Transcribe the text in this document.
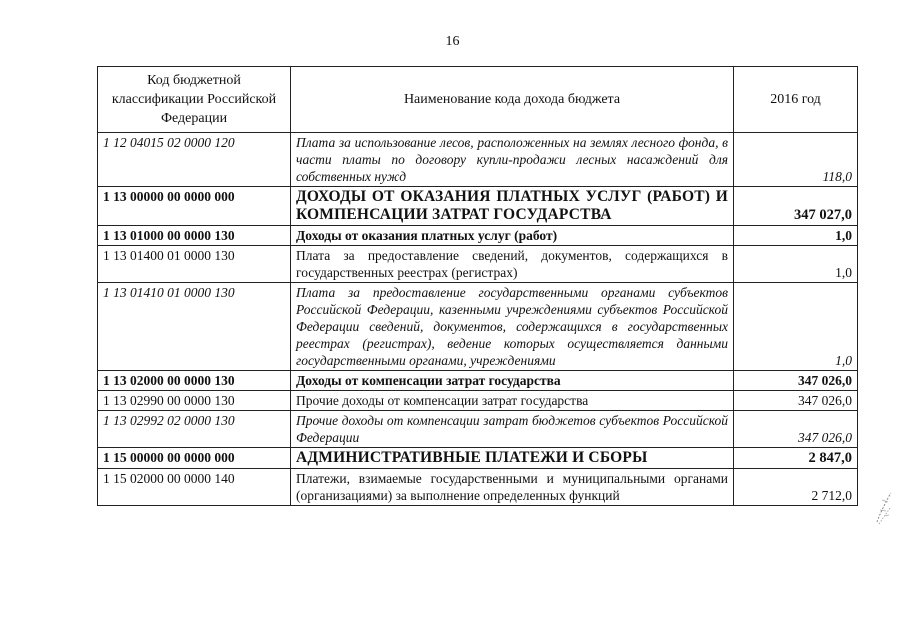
16
Код бюджетной классификации Российской Федерации	Наименование кода дохода бюджета	2016 год
1 12 04015 02 0000 120	Плата за использование лесов, расположенных на землях лесного фонда, в части платы по договору купли-продажи лесных насаждений для собственных нужд	118,0
1 13 00000 00 0000 000	ДОХОДЫ ОТ ОКАЗАНИЯ ПЛАТНЫХ УСЛУГ (РАБОТ) И КОМПЕНСАЦИИ ЗАТРАТ ГОСУДАРСТВА	347 027,0
1 13 01000 00 0000 130	Доходы от оказания платных услуг (работ)	1,0
1 13 01400 01 0000 130	Плата за предоставление сведений, документов, содержащихся в государственных реестрах (регистрах)	1,0
1 13 01410 01 0000 130	Плата за предоставление государственными органами субъектов Российской Федерации, казенными учреждениями субъектов Российской Федерации сведений, документов, содержащихся в государственных реестрах (регистрах), ведение которых осуществляется данными государственными органами, учреждениями	1,0
1 13 02000 00 0000 130	Доходы от компенсации затрат государства	347 026,0
1 13 02990 00 0000 130	Прочие доходы от компенсации затрат государства	347 026,0
1 13 02992 02 0000 130	Прочие доходы от компенсации затрат бюджетов субъектов Российской Федерации	347 026,0
1 15 00000 00 0000 000	АДМИНИСТРАТИВНЫЕ ПЛАТЕЖИ И СБОРЫ	2 847,0
1 15 02000 00 0000 140	Платежи, взимаемые государственными и муниципальными органами (организациями) за выполнение определенных функций	2 712,0
